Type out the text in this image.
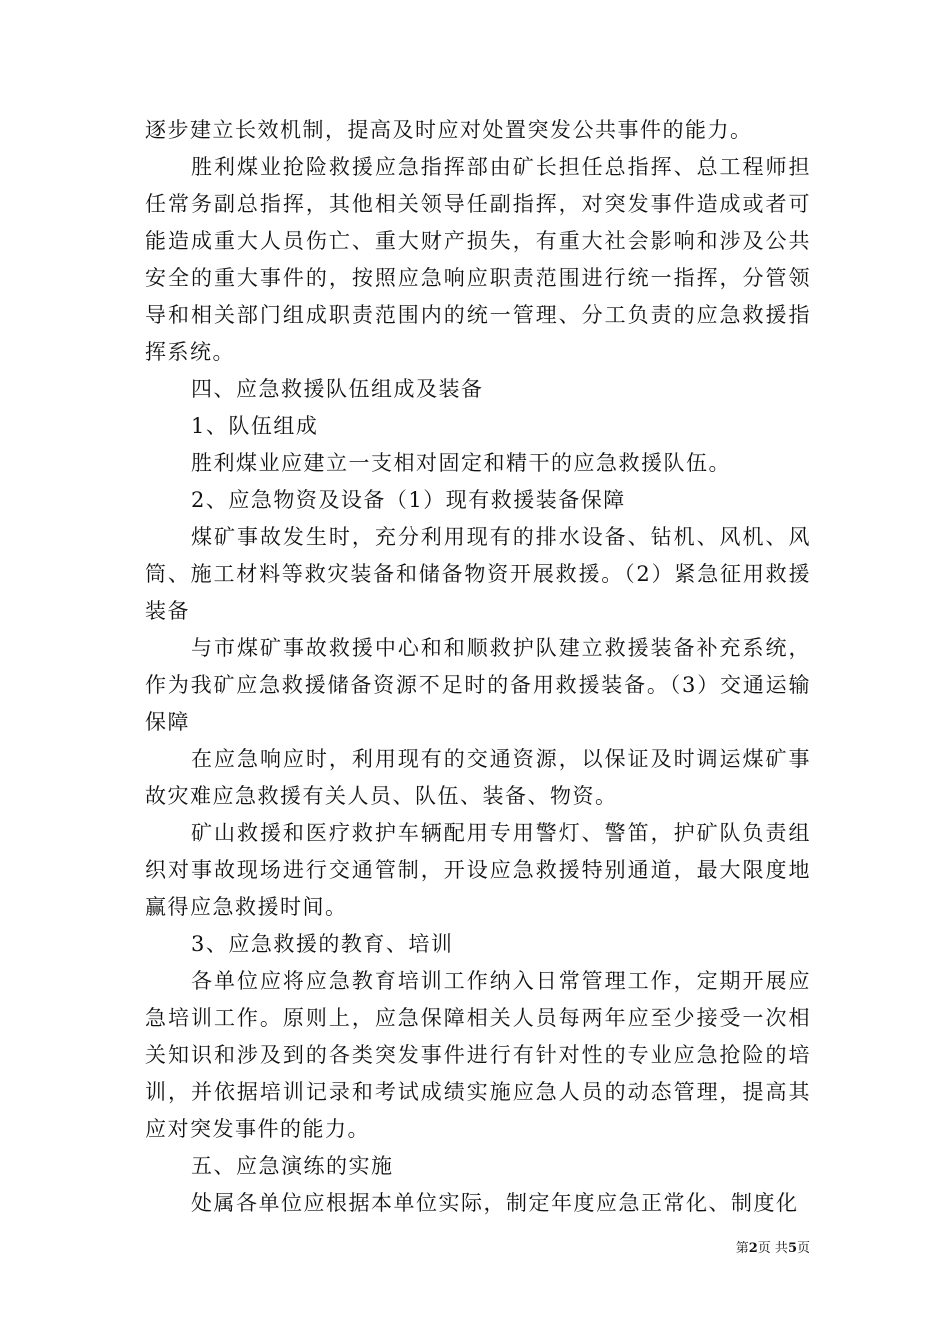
逐步建立长效机制，提高及时应对处置突发公共事件的能力。

胜利煤业抢险救援应急指挥部由矿长担任总指挥、总工程师担任常务副总指挥，其他相关领导任副指挥，对突发事件造成或者可能造成重大人员伤亡、重大财产损失，有重大社会影响和涉及公共安全的重大事件的，按照应急响应职责范围进行统一指挥，分管领导和相关部门组成职责范围内的统一管理、分工负责的应急救援指挥系统。

四、应急救援队伍组成及装备

1、队伍组成

胜利煤业应建立一支相对固定和精干的应急救援队伍。

2、应急物资及设备（1）现有救援装备保障

煤矿事故发生时，充分利用现有的排水设备、钻机、风机、风筒、施工材料等救灾装备和储备物资开展救援。（2）紧急征用救援装备

与市煤矿事故救援中心和和顺救护队建立救援装备补充系统，作为我矿应急救援储备资源不足时的备用救援装备。（3）交通运输保障

在应急响应时，利用现有的交通资源，以保证及时调运煤矿事故灾难应急救援有关人员、队伍、装备、物资。

矿山救援和医疗救护车辆配用专用警灯、警笛，护矿队负责组织对事故现场进行交通管制，开设应急救援特别通道，最大限度地赢得应急救援时间。

3、应急救援的教育、培训

各单位应将应急教育培训工作纳入日常管理工作，定期开展应急培训工作。原则上，应急保障相关人员每两年应至少接受一次相关知识和涉及到的各类突发事件进行有针对性的专业应急抢险的培训，并依据培训记录和考试成绩实施应急人员的动态管理，提高其应对突发事件的能力。

五、应急演练的实施

处属各单位应根据本单位实际，制定年度应急正常化、制度化

第2页 共5页
